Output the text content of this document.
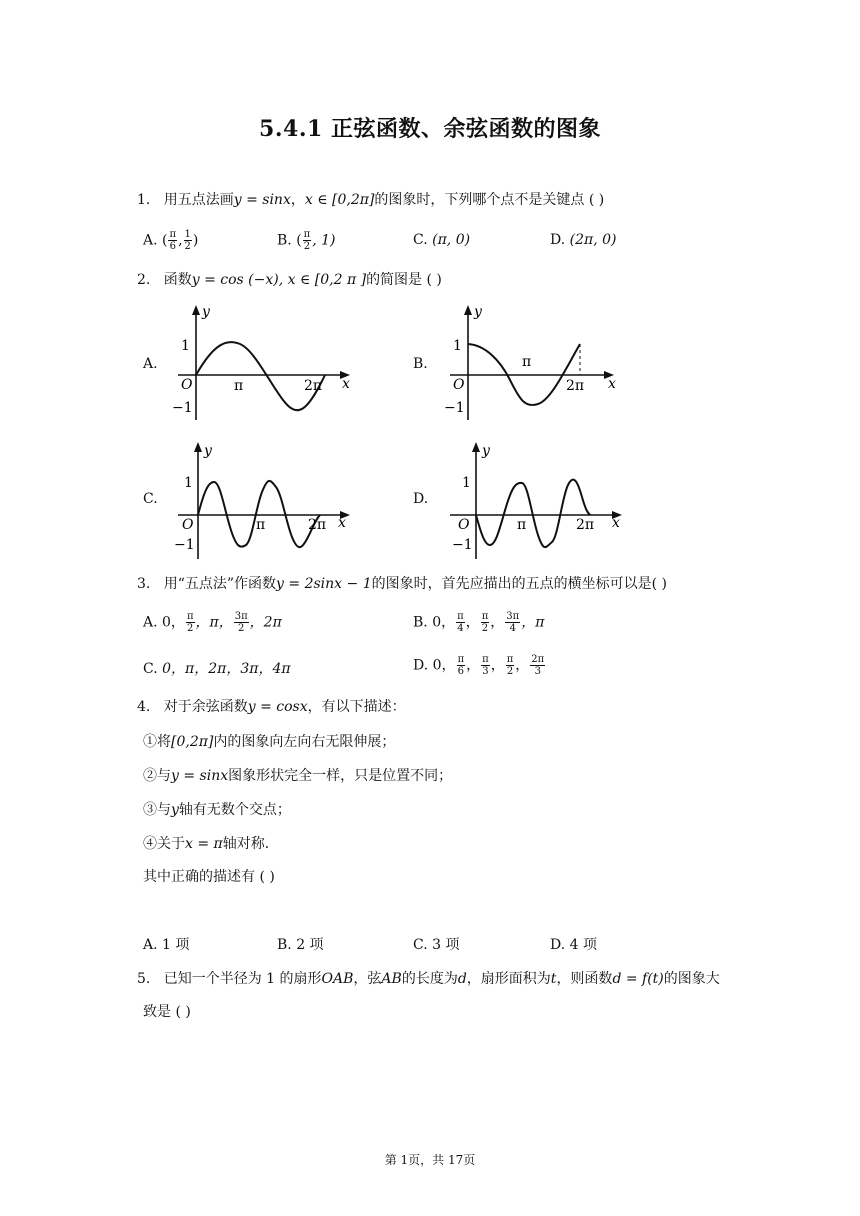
5.4.1 正弦函数、余弦函数的图象
1. 用五点法画y = sinx，x ∈ [0,2π]的图象时，下列哪个点不是关键点 ( )
A. ( $\frac{\pi}{6}$ , $\frac{1}{2}$ )	B. ( $\frac{\pi}{2}$ , 1)	C. (π, 0)	D. (2π, 0)
2. 函数y = cos (−x), x ∈ [0,2 π ]的简图是 ( )
A.
y
x
1
−1
O	π	2π
B.
y
x
1
−1
O
π
2π
C.
y
x
1
−1
O	π	2π
D.
y
x
1
−1
O	π	2π
3. 用“五点法”作函数y = 2sinx − 1的图象时，首先应描出的五点的横坐标可以是( )
A. 0， $\frac{\pi}{2}$ ，π， $\frac{3\pi}{2}$ ，2π	B. 0， $\frac{\pi}{4}$ ， $\frac{\pi}{2}$ ， $\frac{3\pi}{4}$ ，π
C. 0，π，2π，3π，4π	D. 0， $\frac{\pi}{6}$ ， $\frac{\pi}{3}$ ， $\frac{\pi}{2}$ ， $\frac{2\pi}{3}$
4. 对于余弦函数y = cosx，有以下描述：
①将[0,2π]内的图象向左向右无限伸展；
②与y = sinx图象形状完全一样，只是位置不同；
③与y轴有无数个交点；
④关于x = π轴对称．
其中正确的描述有 ( )
A. 1 项	B. 2 项	C. 3 项	D. 4 项
5. 已知一个半径为 1 的扇形OAB，弦AB的长度为d，扇形面积为t，则函数d = f(t)的图象大
致是 ( )
第 1页，共 17页
